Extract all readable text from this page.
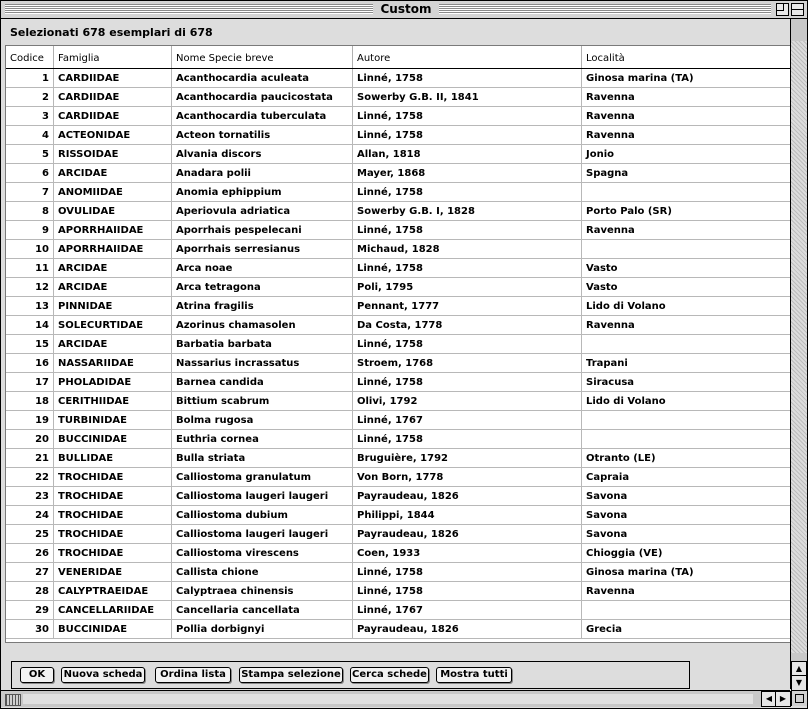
Custom
Selezionati 678 esemplari di 678
Codice	Famiglia	Nome Specie breve	Autore	Località
1 CARDIIDAE	Acanthocardia aculeata	Linné, 1758	Ginosa marina (TA)
2 CARDIIDAE	Acanthocardia paucicostata	Sowerby G.B. II, 1841	Ravenna
3 CARDIIDAE	Acanthocardia tuberculata	Linné, 1758	Ravenna
4 ACTEONIDAE	Acteon tornatilis	Linné, 1758	Ravenna
5 RISSOIDAE	Alvania discors	Allan, 1818	Jonio
6 ARCIDAE	Anadara polii	Mayer, 1868	Spagna
7 ANOMIIDAE	Anomia ephippium	Linné, 1758
8 OVULIDAE	Aperiovula adriatica	Sowerby G.B. I, 1828	Porto Palo (SR)
9 APORRHAIIDAE	Aporrhais pespelecani	Linné, 1758	Ravenna
10 APORRHAIIDAE	Aporrhais serresianus	Michaud, 1828
11 ARCIDAE	Arca noae	Linné, 1758	Vasto
12 ARCIDAE	Arca tetragona	Poli, 1795	Vasto
13 PINNIDAE	Atrina fragilis	Pennant, 1777	Lido di Volano
14 SOLECURTIDAE	Azorinus chamasolen	Da Costa, 1778	Ravenna
15 ARCIDAE	Barbatia barbata	Linné, 1758
16 NASSARIIDAE	Nassarius incrassatus	Stroem, 1768	Trapani
17 PHOLADIDAE	Barnea candida	Linné, 1758	Siracusa
18 CERITHIIDAE	Bittium scabrum	Olivi, 1792	Lido di Volano
19 TURBINIDAE	Bolma rugosa	Linné, 1767
20 BUCCINIDAE	Euthria cornea	Linné, 1758
21 BULLIDAE	Bulla striata	Bruguière, 1792	Otranto (LE)
22 TROCHIDAE	Calliostoma granulatum	Von Born, 1778	Capraia
23 TROCHIDAE	Calliostoma laugeri laugeri	Payraudeau, 1826	Savona
24 TROCHIDAE	Calliostoma dubium	Philippi, 1844	Savona
25 TROCHIDAE	Calliostoma laugeri laugeri	Payraudeau, 1826	Savona
26 TROCHIDAE	Calliostoma virescens	Coen, 1933	Chioggia (VE)
27 VENERIDAE	Callista chione	Linné, 1758	Ginosa marina (TA)
28 CALYPTRAEIDAE	Calyptraea chinensis	Linné, 1758	Ravenna
29 CANCELLARIIDAE	Cancellaria cancellata	Linné, 1767
30 BUCCINIDAE	Pollia dorbignyi	Payraudeau, 1826	Grecia
OK	Nuova scheda	Ordina lista	Stampa selezione Cerca schede	Mostra tutti
▲
▼
◀ ▶
